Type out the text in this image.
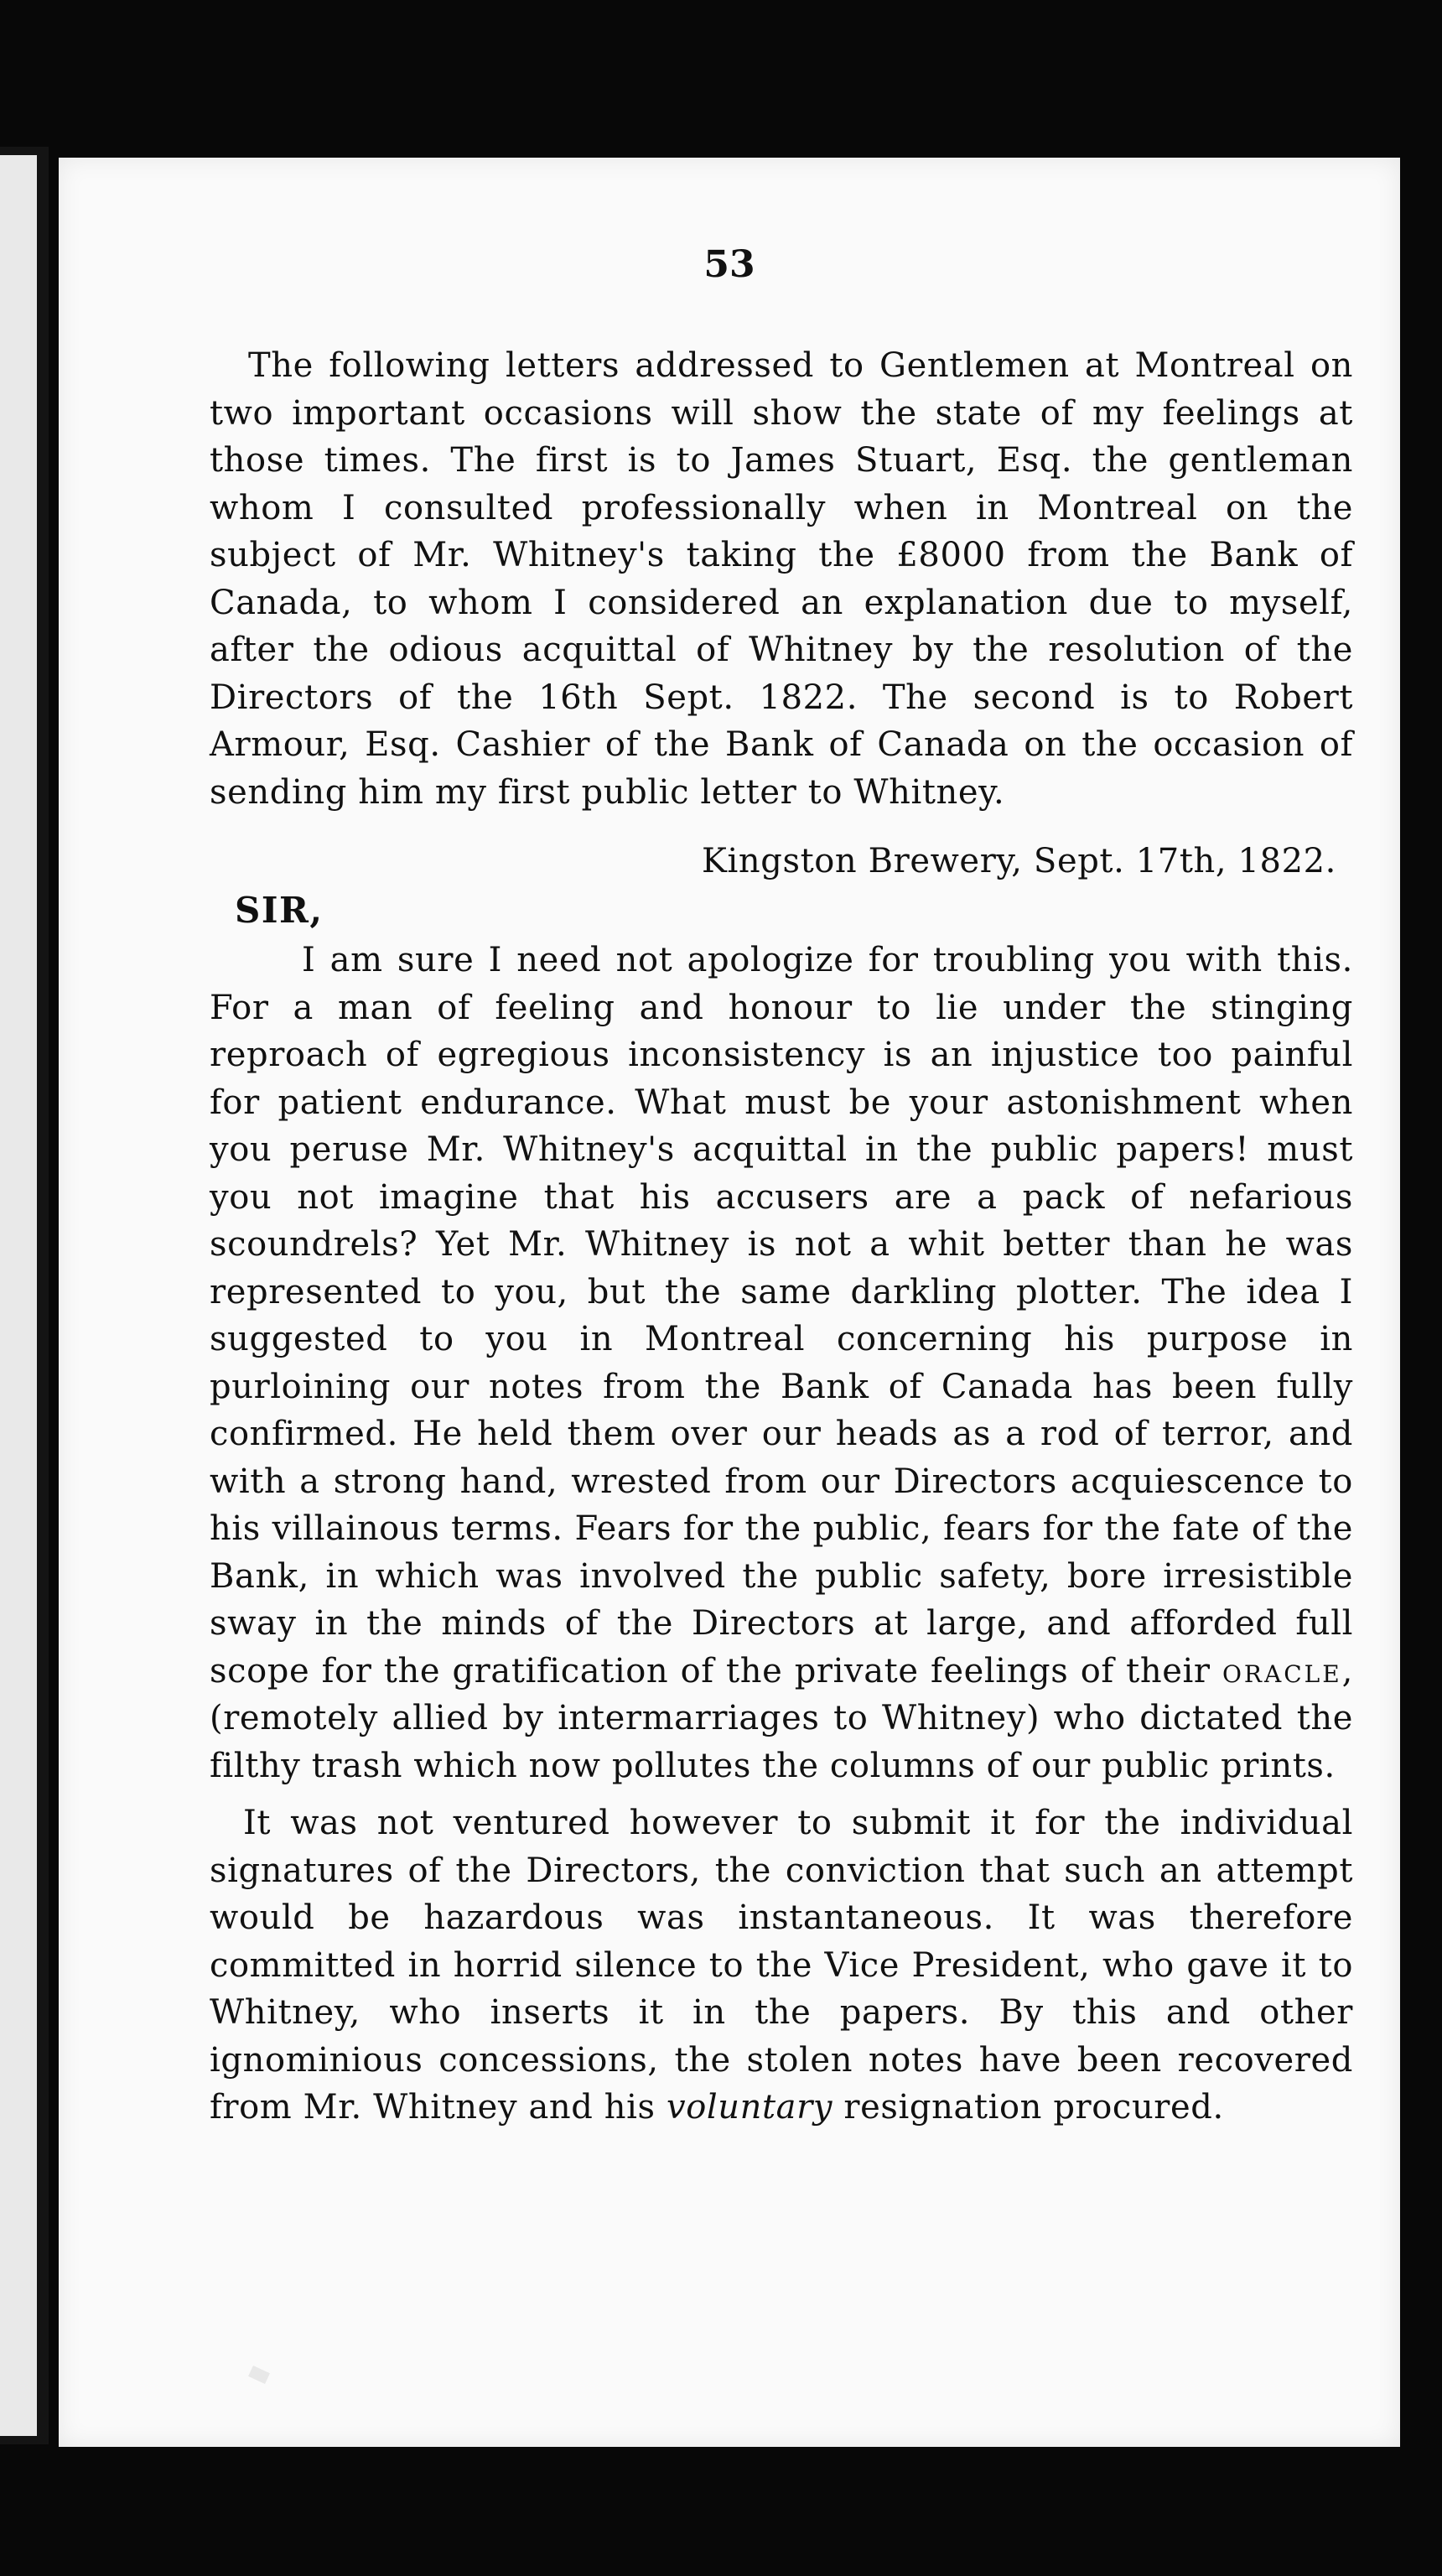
53

The following letters addressed to Gentlemen at Montreal on two important occasions will show the state of my feelings at those times. The first is to James Stuart, Esq. the gentleman whom I consulted professionally when in Montreal on the subject of Mr. Whitney's taking the £8000 from the Bank of Canada, to whom I considered an explanation due to myself, after the odious acquittal of Whitney by the resolution of the Directors of the 16th Sept. 1822. The second is to Robert Armour, Esq. Cashier of the Bank of Canada on the occasion of sending him my first public letter to Whitney.

Kingston Brewery, Sept. 17th, 1822.
SIR,

I am sure I need not apologize for troubling you with this. For a man of feeling and honour to lie under the stinging reproach of egregious inconsistency is an injustice too painful for patient endurance. What must be your astonishment when you peruse Mr. Whitney's acquittal in the public papers! must you not imagine that his accusers are a pack of nefarious scoundrels? Yet Mr. Whitney is not a whit better than he was represented to you, but the same darkling plotter. The idea I suggested to you in Montreal concerning his purpose in purloining our notes from the Bank of Canada has been fully confirmed. He held them over our heads as a rod of terror, and with a strong hand, wrested from our Directors acquiescence to his villainous terms. Fears for the public, fears for the fate of the Bank, in which was involved the public safety, bore irresistible sway in the minds of the Directors at large, and afforded full scope for the gratification of the private feelings of their oracle, (remotely allied by intermarriages to Whitney) who dictated the filthy trash which now pollutes the columns of our public prints.

It was not ventured however to submit it for the individual signatures of the Directors, the conviction that such an attempt would be hazardous was instantaneous. It was therefore committed in horrid silence to the Vice President, who gave it to Whitney, who inserts it in the papers. By this and other ignominious concessions, the stolen notes have been recovered from Mr. Whitney and his voluntary resignation procured.
